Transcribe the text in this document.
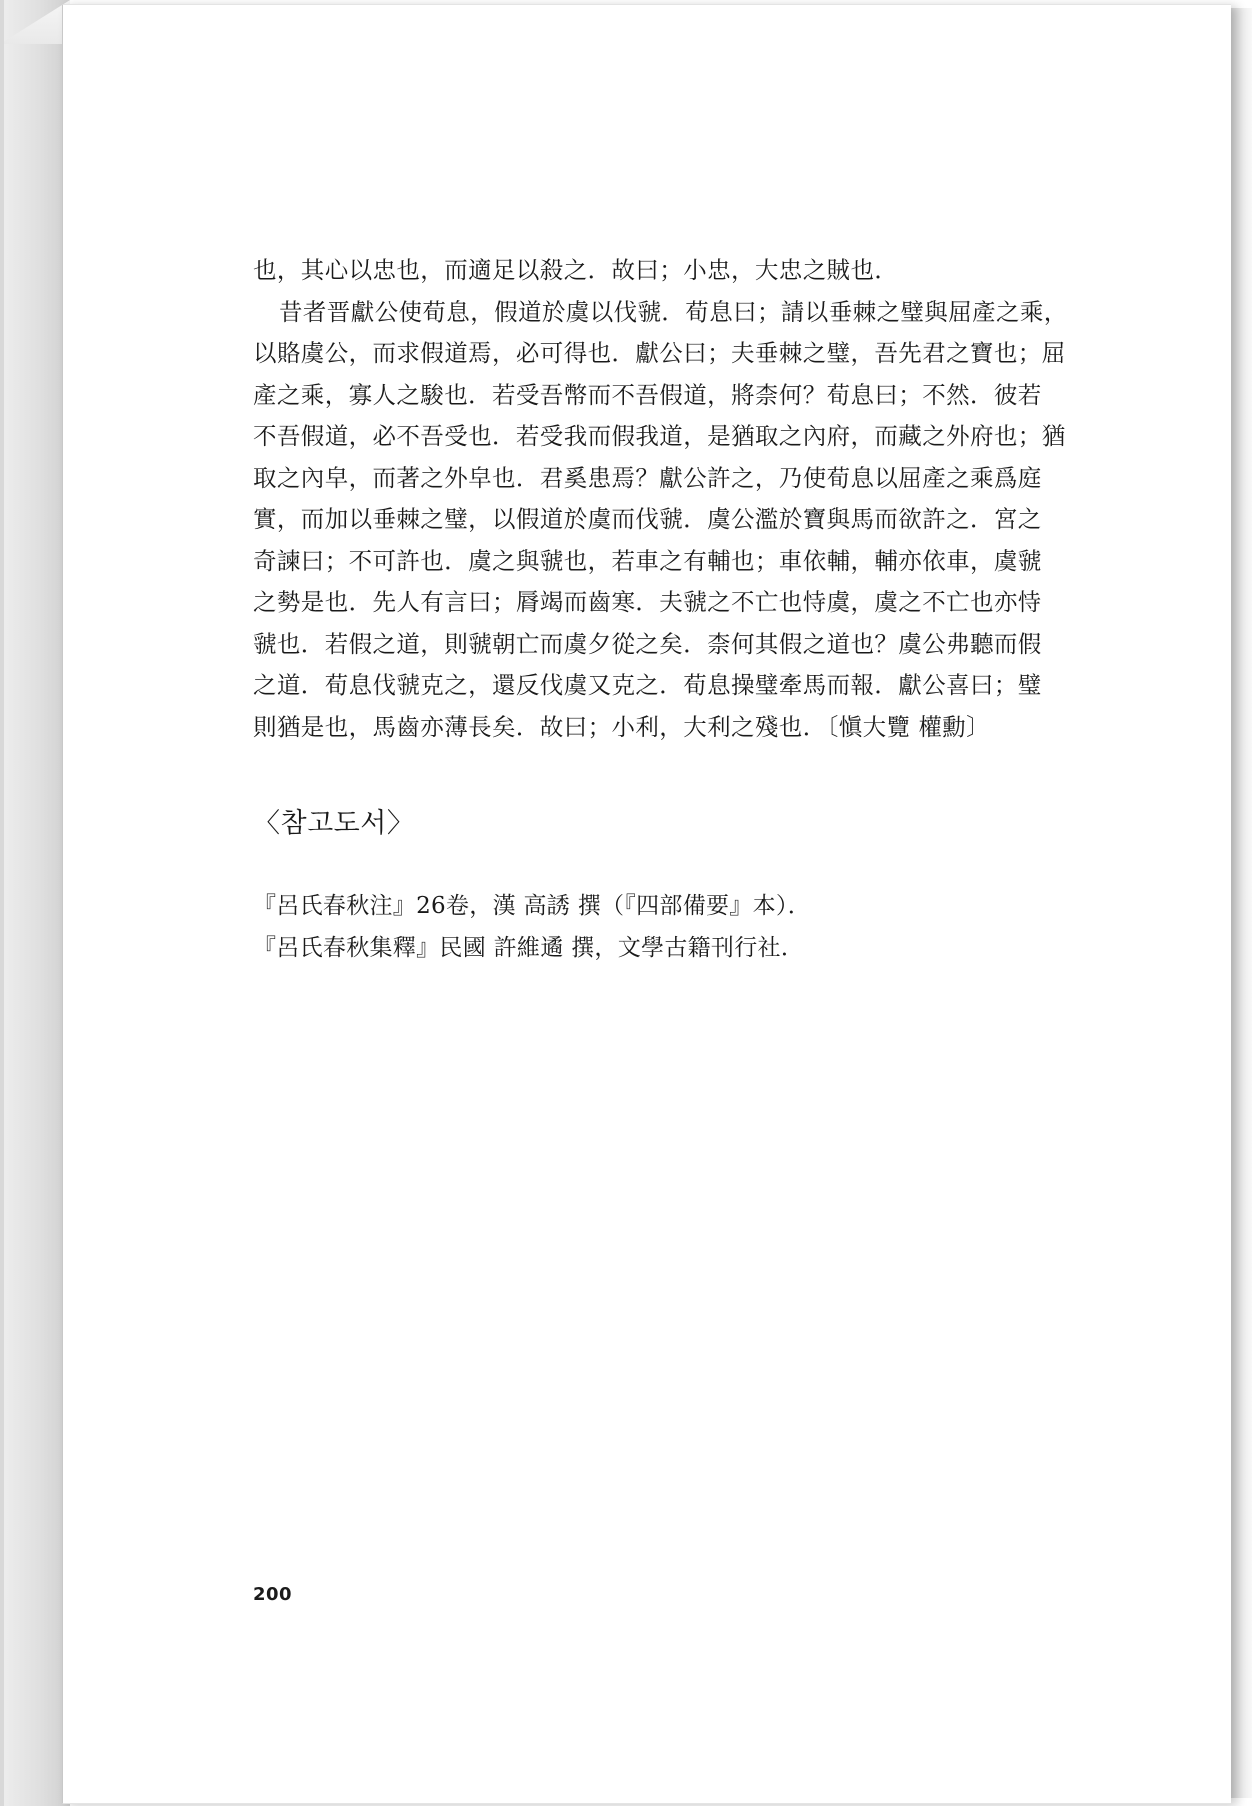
也，其心以忠也，而適足以殺之．故曰；小忠，大忠之賊也．
昔者晋獻公使荀息，假道於虞以伐虢．荀息曰；請以垂棘之璧與屈產之乘，
以賂虞公，而求假道焉，必可得也．獻公曰；夫垂棘之璧，吾先君之寶也；屈
產之乘，寡人之駿也．若受吾幣而不吾假道，將柰何？荀息曰；不然．彼若
不吾假道，必不吾受也．若受我而假我道，是猶取之內府，而藏之外府也；猶
取之內皁，而著之外皁也．君奚患焉？獻公許之，乃使荀息以屈產之乘爲庭
實，而加以垂棘之璧，以假道於虞而伐虢．虞公濫於寶與馬而欲許之．宮之
奇諫曰；不可許也．虞之與虢也，若車之有輔也；車依輔，輔亦依車，虞虢
之勢是也．先人有言曰；脣竭而齒寒．夫虢之不亡也恃虞，虞之不亡也亦恃
虢也．若假之道，則虢朝亡而虞夕從之矣．柰何其假之道也？虞公弗聽而假
之道．荀息伐虢克之，還反伐虞又克之．荀息操璧牽馬而報．獻公喜曰；璧
則猶是也，馬齒亦薄長矣．故曰；小利，大利之殘也．〔愼大覽 權勳〕
〈참고도서〉
『呂氏春秋注』26卷，漢 高誘 撰（『四部備要』本）．
『呂氏春秋集釋』民國 許維遹 撰，文學古籍刊行社．
200
